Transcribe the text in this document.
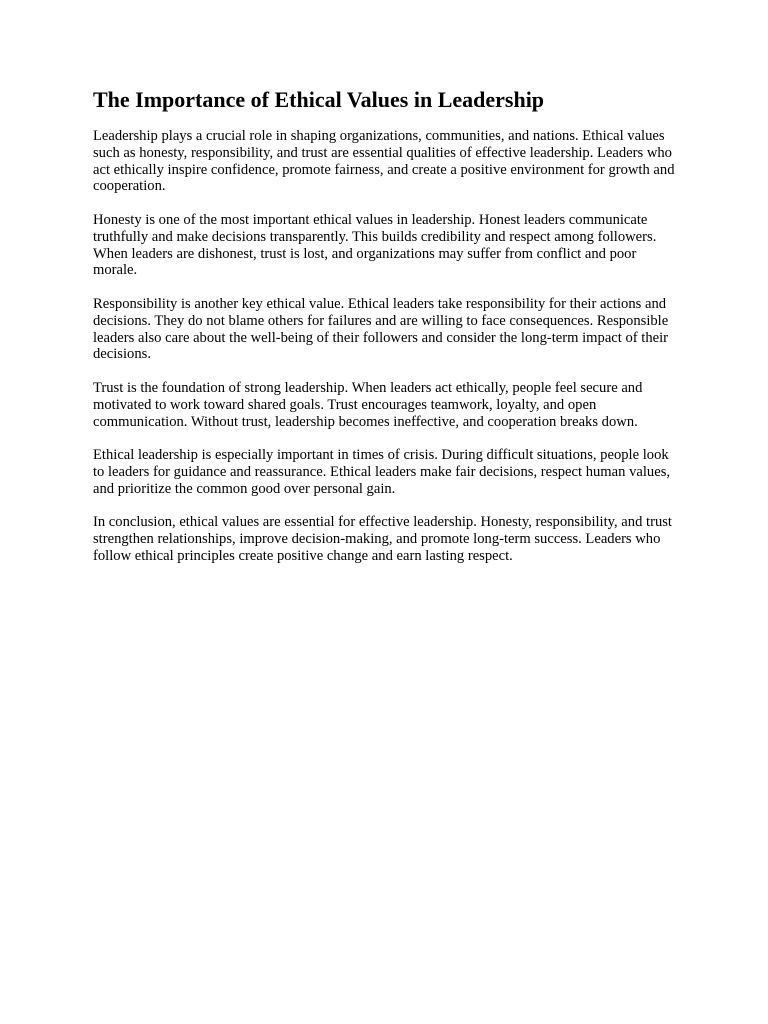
The Importance of Ethical Values in Leadership

Leadership plays a crucial role in shaping organizations, communities, and nations. Ethical values such as honesty, responsibility, and trust are essential qualities of effective leadership. Leaders who act ethically inspire confidence, promote fairness, and create a positive environment for growth and cooperation.

Honesty is one of the most important ethical values in leadership. Honest leaders communicate truthfully and make decisions transparently. This builds credibility and respect among followers. When leaders are dishonest, trust is lost, and organizations may suffer from conflict and poor morale.

Responsibility is another key ethical value. Ethical leaders take responsibility for their actions and decisions. They do not blame others for failures and are willing to face consequences. Responsible leaders also care about the well-being of their followers and consider the long-term impact of their decisions.

Trust is the foundation of strong leadership. When leaders act ethically, people feel secure and motivated to work toward shared goals. Trust encourages teamwork, loyalty, and open communication. Without trust, leadership becomes ineffective, and cooperation breaks down.

Ethical leadership is especially important in times of crisis. During difficult situations, people look to leaders for guidance and reassurance. Ethical leaders make fair decisions, respect human values, and prioritize the common good over personal gain.

In conclusion, ethical values are essential for effective leadership. Honesty, responsibility, and trust strengthen relationships, improve decision-making, and promote long-term success. Leaders who follow ethical principles create positive change and earn lasting respect.
